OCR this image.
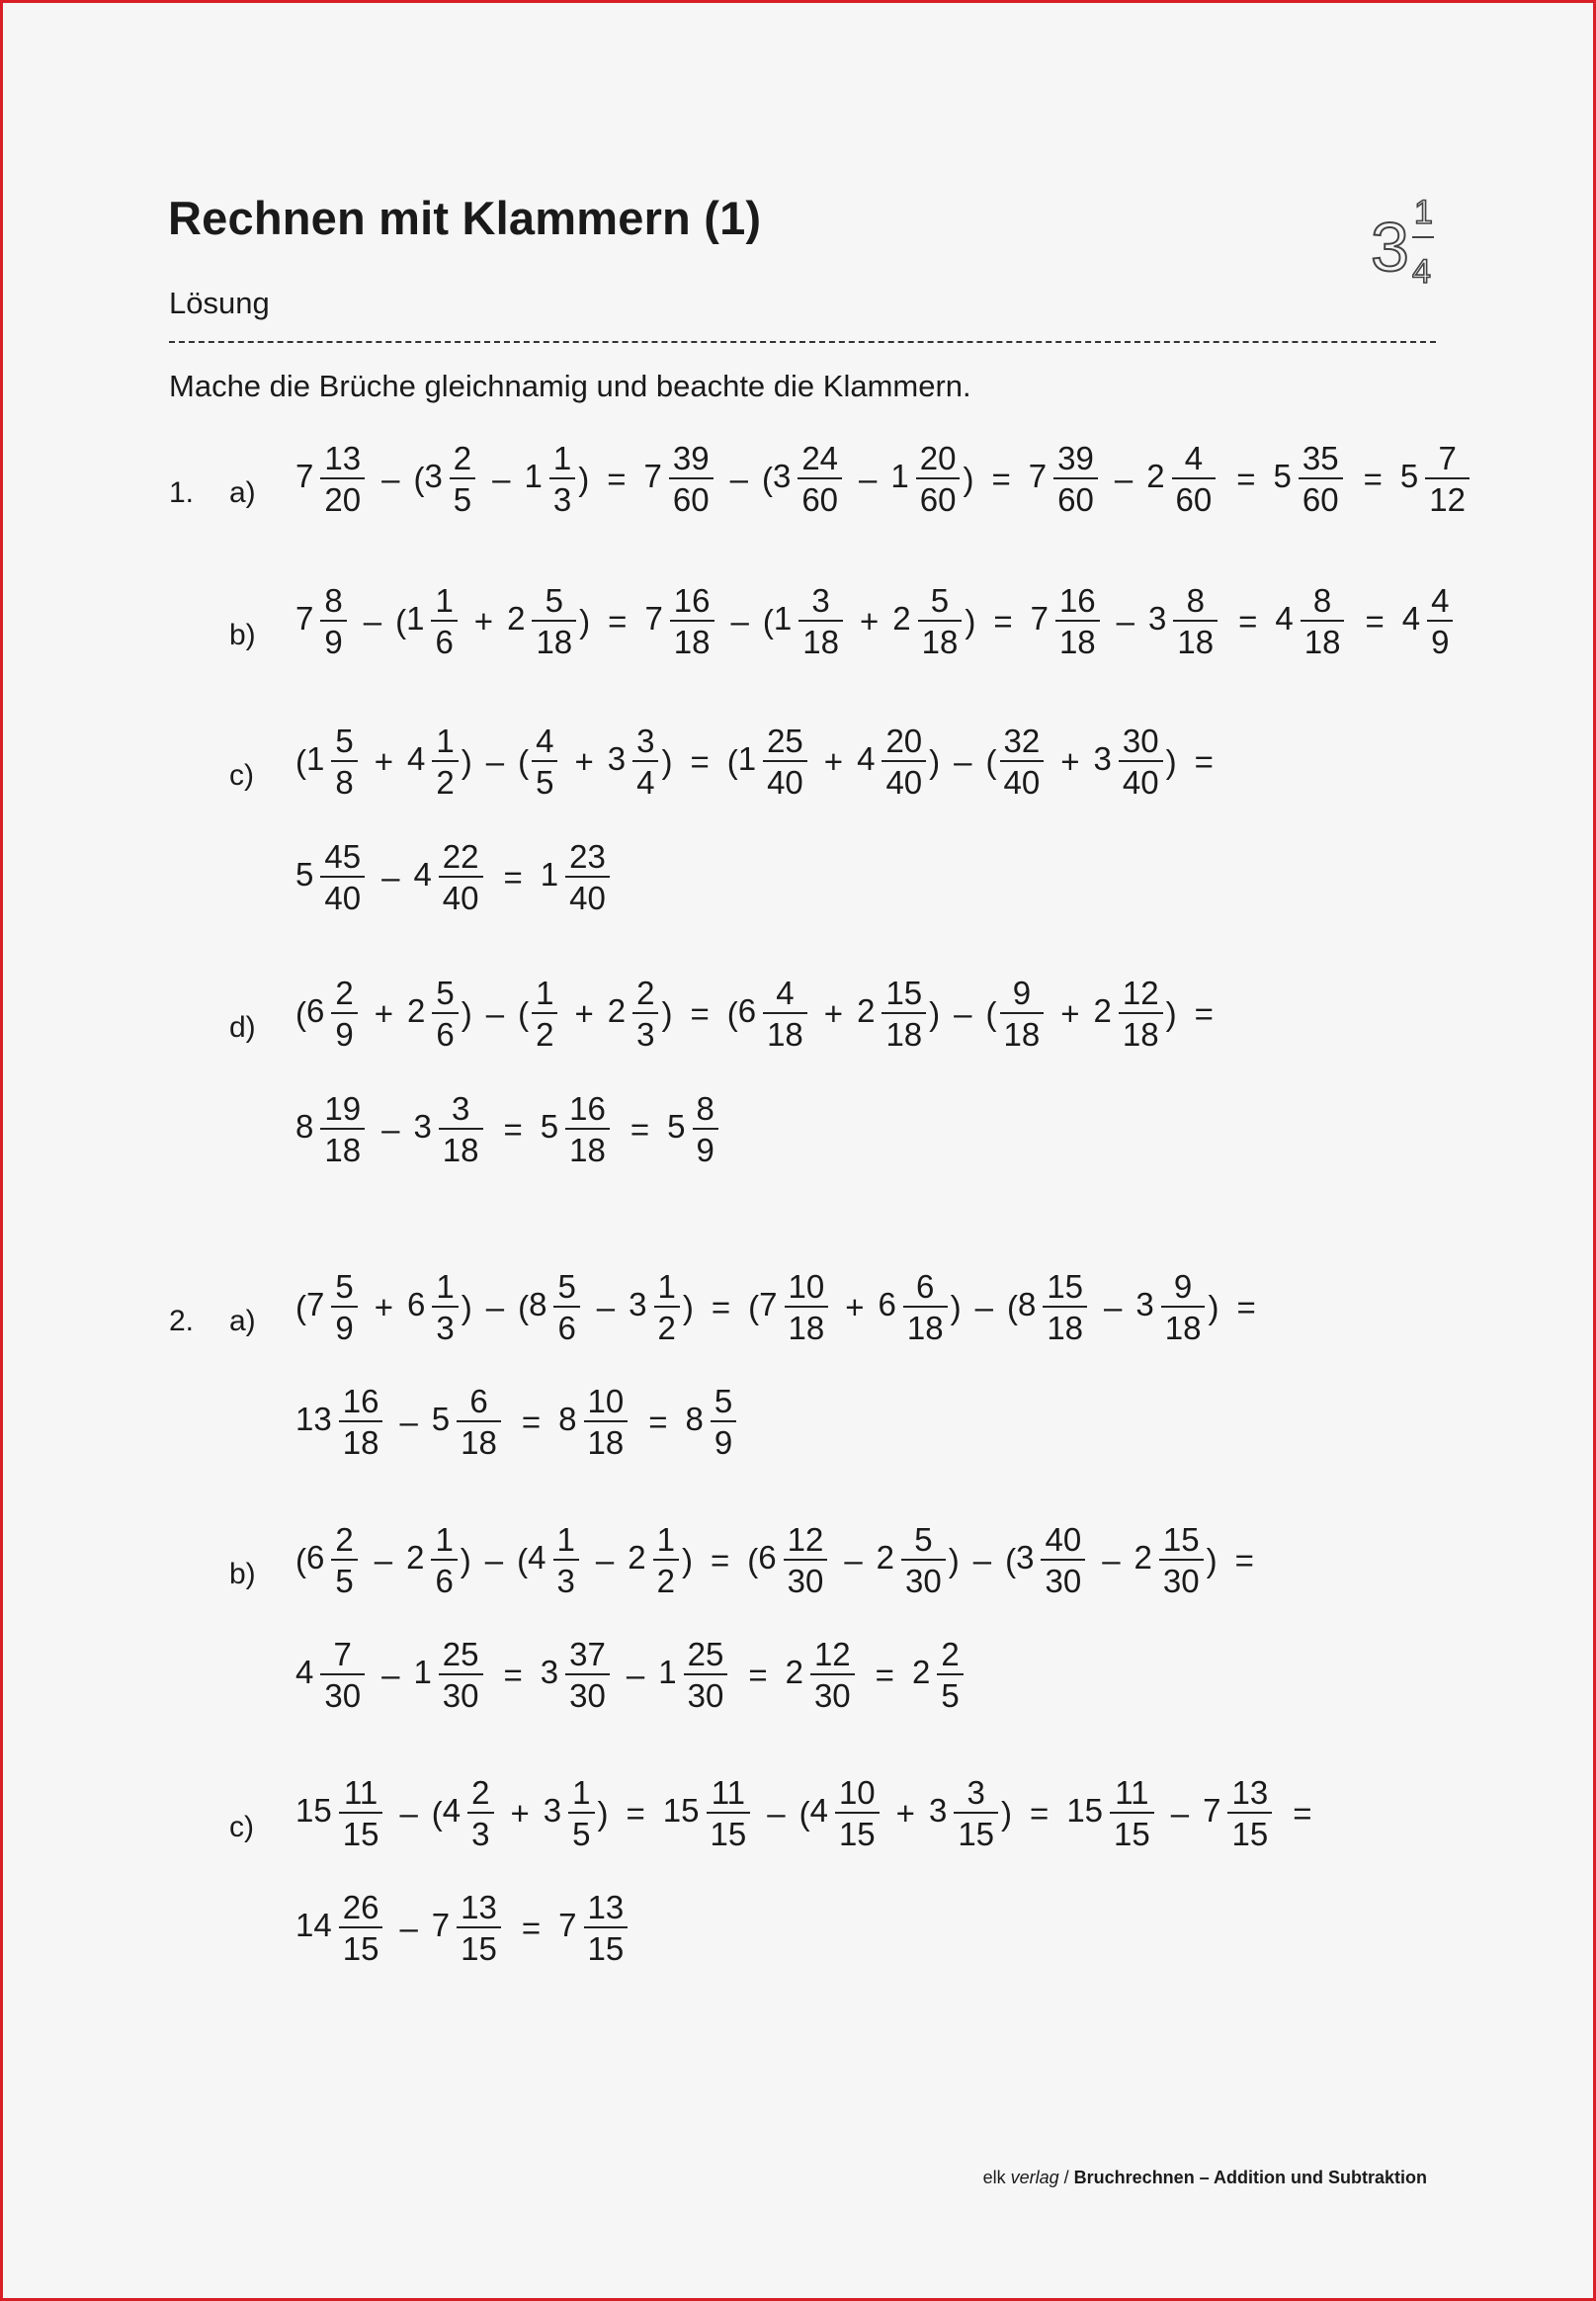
Rechnen mit Klammern (1)	3 1
4
Lösung
Mache die Brüche gleichnamig und beachte die Klammern.
1. a) $7 \frac{13}{20}$ – ( $3 \frac{2}{5} - 1 \frac{1}{3}$ ) = $7 \frac{39}{60}$ – ( $3 \frac{24}{60} - 1 \frac{20}{60}$ ) = $7 \frac{39}{60} - 2 \frac{4}{60} = 5 \frac{35}{60} = 5 \frac{7}{12}$
b) $7 \frac{8}{9}$ – ( $1 \frac{1}{6} + 2 \frac{5}{18}$ ) = $7 \frac{16}{18}$ – ( $1 \frac{3}{18} + 2 \frac{5}{18}$ ) = $7 \frac{16}{18} - 3 \frac{8}{18} = 4 \frac{8}{18} = 4 \frac{4}{9}$
c) ( $1 \frac{5}{8} + 4 \frac{1}{2}$ ) – ( $\frac{4}{5} + 3 \frac{3}{4}$ ) = ( $1 \frac{25}{40} + 4 \frac{20}{40}$ ) – ( $\frac{32}{40} + 3 \frac{30}{40}$ ) =
$5 \frac{45}{40} - 4 \frac{22}{40} = 1 \frac{23}{40}$
d) ( $6 \frac{2}{9} + 2 \frac{5}{6}$ ) – ( $\frac{1}{2} + 2 \frac{2}{3}$ ) = ( $6 \frac{4}{18} + 2 \frac{15}{18}$ ) – ( $\frac{9}{18} + 2 \frac{12}{18}$ ) =
$8 \frac{19}{18} - 3 \frac{3}{18} = 5 \frac{16}{18} = 5 \frac{8}{9}$
2. a) ( $7 \frac{5}{9} + 6 \frac{1}{3}$ ) – ( $8 \frac{5}{6} - 3 \frac{1}{2}$ ) = ( $7 \frac{10}{18} + 6 \frac{6}{18}$ ) – ( $8 \frac{15}{18} - 3 \frac{9}{18}$ ) =
$13 \frac{16}{18} - 5 \frac{6}{18} = 8 \frac{10}{18} = 8 \frac{5}{9}$
b) ( $6 \frac{2}{5} - 2 \frac{1}{6}$ ) – ( $4 \frac{1}{3} - 2 \frac{1}{2}$ ) = ( $6 \frac{12}{30} - 2 \frac{5}{30}$ ) – ( $3 \frac{40}{30} - 2 \frac{15}{30}$ ) =
$4 \frac{7}{30} - 1 \frac{25}{30} = 3 \frac{37}{30} - 1 \frac{25}{30} = 2 \frac{12}{30} = 2 \frac{2}{5}$
c) $15 \frac{11}{15}$ – ( $4 \frac{2}{3} + 3 \frac{1}{5}$ ) = $15 \frac{11}{15}$ – ( $4 \frac{10}{15} + 3 \frac{3}{15}$ ) = $15 \frac{11}{15} - 7 \frac{13}{15}$ =
$14 \frac{26}{15} - 7 \frac{13}{15} = 7 \frac{13}{15}$
elk verlag / Bruchrechnen – Addition und Subtraktion
